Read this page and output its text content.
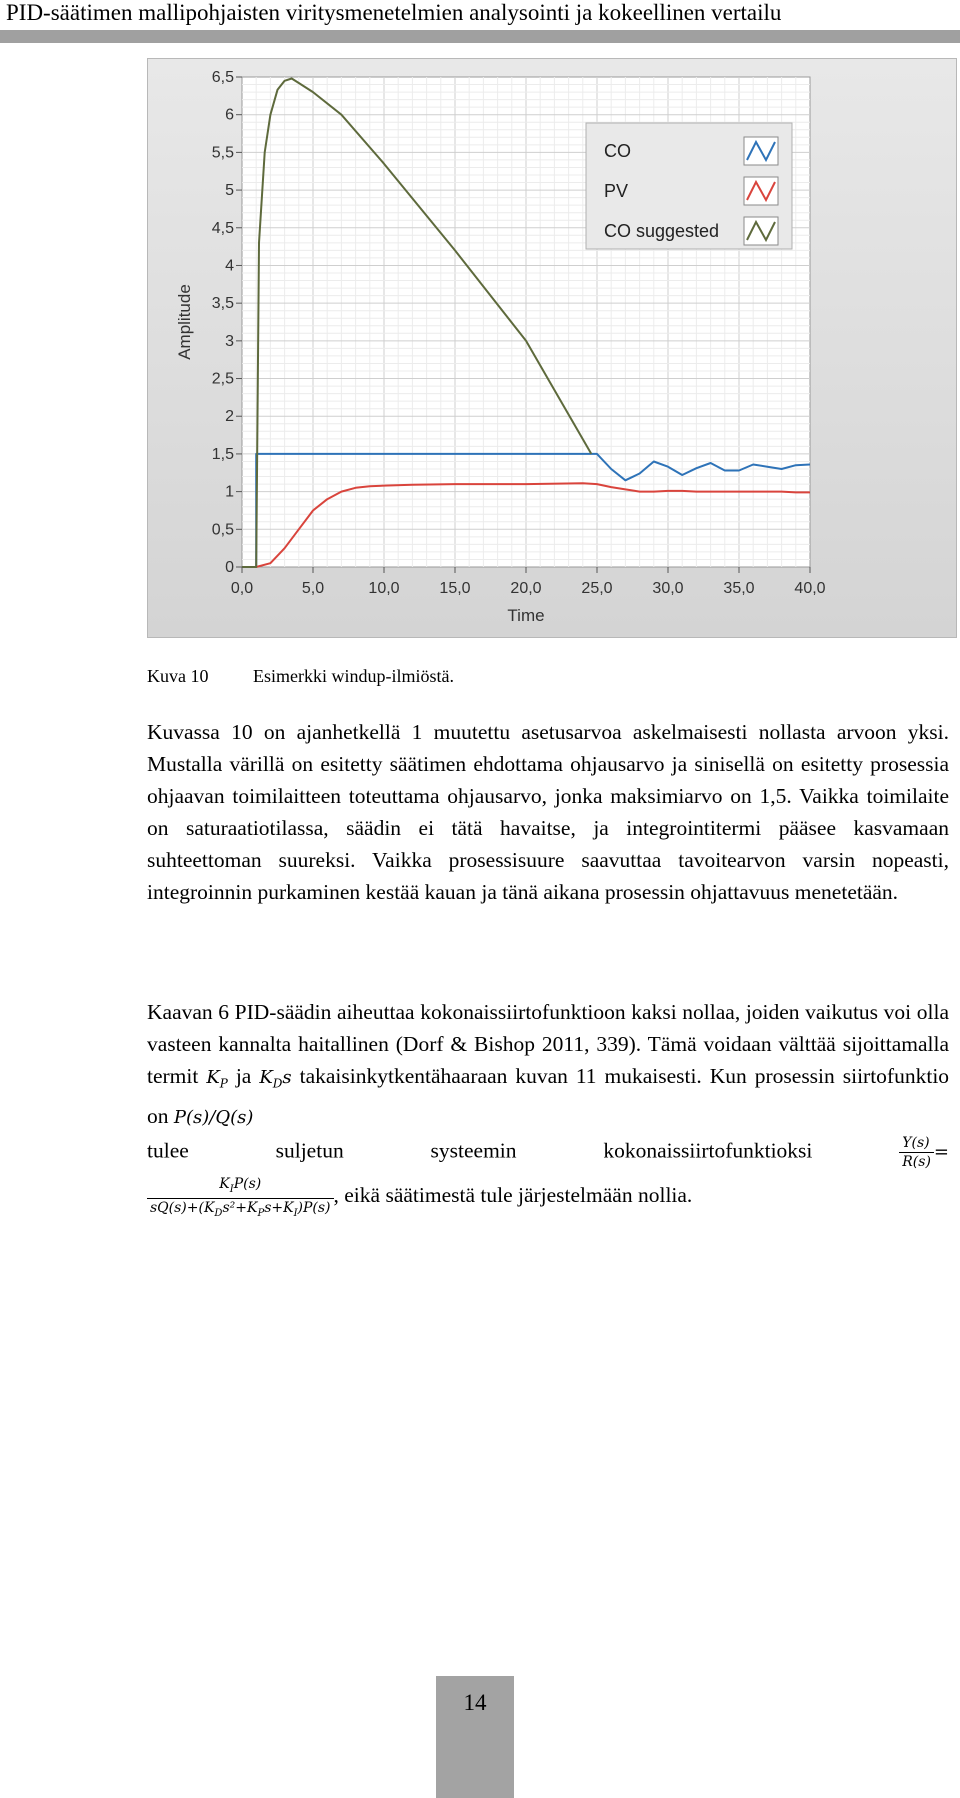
PID-säätimen mallipohjaisten viritysmenetelmien analysointi ja kokeellinen vertailu
0
0,5
1
1,5
2
2,5
3
3,5
4
4,5
5
5,5
6
6,5
0,0	5,0	10,0 15,0 20,0 25,0 30,0 35,0 40,0
Time
Amplitude
CO
PV
CO suggested
Kuva 10 Esimerkki windup-ilmiöstä.
Kuvassa 10 on ajanhetkellä 1 muutettu asetusarvoa askelmaisesti nollasta arvoon yksi. Mustalla värillä on esitetty säätimen ehdottama ohjausarvo ja sinisellä on esitetty prosessia ohjaavan toimilaitteen toteuttama ohjausarvo, jonka maksimiarvo on 1,5. Vaikka toimilaite on saturaatiotilassa, säädin ei tätä havaitse, ja integrointitermi pääsee kasvamaan suhteettoman suureksi. Vaikka prosessisuure saavuttaa tavoitearvon varsin nopeasti, integroinnin purkaminen kestää kauan ja tänä aikana prosessin ohjattavuus menetetään.
Kaavan 6 PID-säädin aiheuttaa kokonaissiirtofunktioon kaksi nollaa, joiden vaikutus voi olla vasteen kannalta haitallinen (Dorf & Bishop 2011, 339). Tämä voidaan välttää sijoittamalla termit $K_P$ ja $K_Ds$ takaisinkytkentähaaraan kuvan 11 mukaisesti. Kun prosessin siirtofunktio on P(s)/Q(s)
tulee suljetun systeemin kokonaissiirtofunktioksi	$\frac{Y(s)}{R(s)}$ =
$\frac{K_IP(s)}{sQ(s)+(K_Ds^2+K_Ps+K_I)P(s)}$ , eikä säätimestä tule järjestelmään nollia.
14
